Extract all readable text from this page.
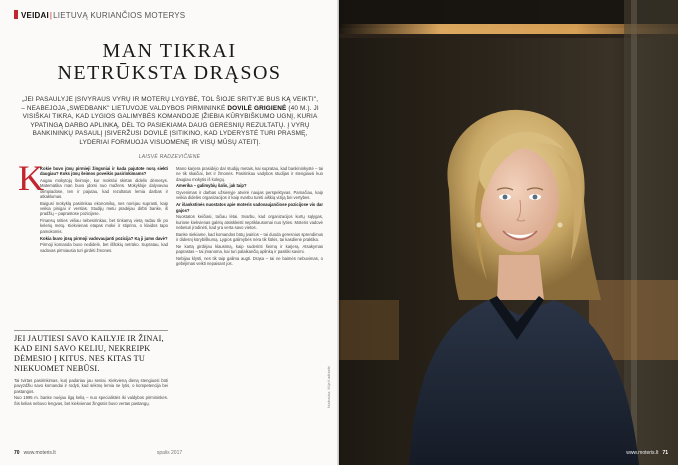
VEIDAI|LIETUVĄ KURIANČIOS MOTERYS
MAN TIKRAI
NETRŪKSTA DRĄSOS
„JEI PASAULYJE ĮSIVYRAUS VYRŲ IR MOTERŲ LYGYBĖ, TOL ŠIOJE SRITYJE BUS KĄ VEIKTI", – NEABEJOJA „SWEDBANK" LIETUVOJE VALDYBOS PIRMININKĖ DOVILĖ GRIGIENĖ (40 M.). JI VISIŠKAI TIKRA, KAD LYGIOS GALIMYBĖS KOMANDOJE ĮŽIEBIA KŪRYBIŠKUMO UGNĮ, KURIA YPATINGĄ DARBO APLINKĄ, DĖL TO PASIEKIAMA DAUG GERESNIŲ REZULTATŲ. Į VYRŲ BANKININKŲ PASAULĮ ĮSIVERŽUSI DOVILĖ ĮSITIKINO, KAD LYDERYSTĖ TURI PRASMĘ, LYDERIAI FORMUOJA VISUOMENĘ IR VISŲ MŪSŲ ATEITĮ.
LAISVĖ RADZEVIČIENĖ
K

Kokie buvo jūsų pirmieji žingsniai ir kada pajutote norą siekti daugiau? Koks jūsų šeimos poveikis pasirinkimams?

Augau mokytojų šeimoje, kur mokslui skirtas didelis dėmesys. Matematika man buvo įdomi nuo mažens. Mokykloje dalyvavau olimpiadose, ten ir pajutau, kad rezultatus lemia darbas ir atkaklumas.

Baigusi mokyklą pasirinkau ekonomiką, nes norėjau suprasti, kaip veikia pinigai ir verslas. Studijų metu pradėjau dirbti banke, iš pradžių – paprastose pozicijose.

Finansų srities vėliau nebesirinkau, bet tinkamą vietą radau tik po kelerių metų. Kiekvienas etapas mokė ir stiprino, o klaidos tapo pamokomis.

Kokia buvo jūsų pirmoji vadovaujanti pozicija? Ką ji jums davė?

Pirmoji komanda buvo nedidelė, bet iššūkių netrūko. Supratau, kad vadovas pirmiausia turi girdėti žmones.

Mano karjera prasidėjo dar studijų metais, kai supratau, kad bankininkystė – tai ne tik skaičiai, bet ir žmonės. Pasirinkau vadybos studijas ir stengiausi kuo daugiau mokytis iš kolegų.

Amerika – galimybių šalis, jak taip?

Gyvenimas ir darbas užsienyje atvėrė naujas perspektyvas. Pamačiau, kaip veikia didelės organizacijos ir kaip svarbu turėti aiškią viziją bei vertybes.

Ar išankstinės nuostatos apie moteris vadovaujančiose pozicijose vis dar gajos?

Nuostatos keičiasi, tačiau lėtai. Svarbu, kad organizacijos kurtų sąlygas, kuriose kiekvienas galėtų atsiskleisti nepriklausomai nuo lyties. Moteris vadovė nebeturi įrodinėti, kad yra verta savo vietos.

Banke siekiame, kad komandos būtų įvairios – tai duoda geresnius sprendimus ir didesnį kūrybiškumą. Lygios galimybės nėra tik šūkis, tai kasdienė praktika.

Ne kartą girdėjau klausimą, kaip suderinti šeimą ir karjerą. Atsakymas paprastas – tai įmanoma, kai turi palaikančią aplinką ir pasitiki savimi.

Nebijau klysti, nes tik taip galima augti. Drąsa – tai ne baimės nebuvimas, o gebėjimas veikti nepaisant jos.

JEI JAUTIESI SAVO KAILYJE IR ŽINAI, KAD EINI SAVO KELIU, NEKREIPK DĖMESIO Į KITUS. NES KITAS TU NIEKUOMET NEBŪSI.

Tai tvirtas pasirinkimas, kurį padariau jau seniai. Kiekvieną dieną stengiuosi būti pavyzdžiu savo komandai ir rodyti, kad sėkmę lemia ne lytis, o kompetencija bei pastangos.

Nuo 1995 m. banke nuėjau ilgą kelią – nuo specialistės iki valdybos pirmininkės. Šis kelias nebuvo lengvas, bet kiekvienas žingsnis buvo vertas pastangų.

70 www.moteris.lt	spalis 2017
Nuotrauka: Vilija Kudirkaitė
www.moteris.lt 71
